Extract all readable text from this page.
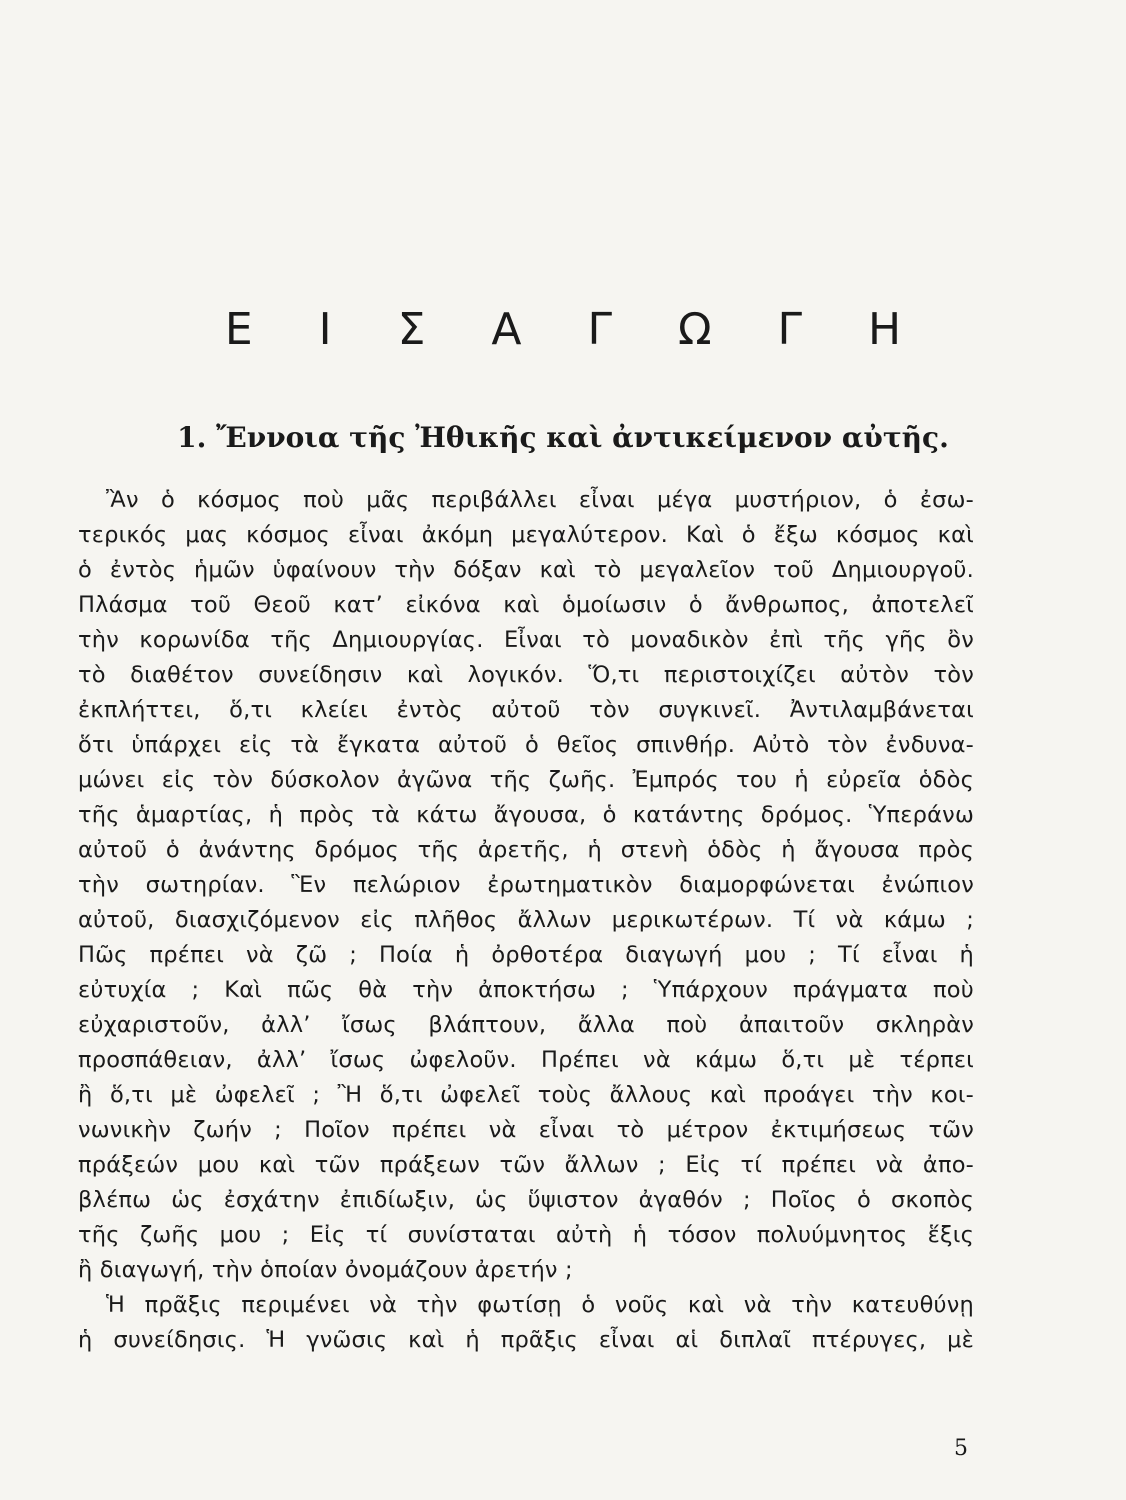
Ε Ι Σ Α Γ Ω Γ Η
1. Ἔννοια τῆς Ἠθικῆς καὶ ἀντικείμενον αὐτῆς.
Ἂν ὁ κόσμος ποὺ μᾶς περιβάλλει εἶναι μέγα μυστήριον, ὁ ἐσω-
τερικός μας κόσμος εἶναι ἀκόμη μεγαλύτερον. Καὶ ὁ ἔξω κόσμος καὶ
ὁ ἐντὸς ἡμῶν ὑφαίνουν τὴν δόξαν καὶ τὸ μεγαλεῖον τοῦ Δημιουργοῦ.
Πλάσμα τοῦ Θεοῦ κατ’ εἰκόνα καὶ ὁμοίωσιν ὁ ἄνθρωπος, ἀποτελεῖ
τὴν κορωνίδα τῆς Δημιουργίας. Εἶναι τὸ μοναδικὸν ἐπὶ τῆς γῆς ὂν
τὸ διαθέτον συνείδησιν καὶ λογικόν. Ὅ,τι περιστοιχίζει αὐτὸν τὸν
ἐκπλήττει, ὅ,τι κλείει ἐντὸς αὐτοῦ τὸν συγκινεῖ. Ἀντιλαμβάνεται
ὅτι ὑπάρχει εἰς τὰ ἔγκατα αὐτοῦ ὁ θεῖος σπινθήρ. Αὐτὸ τὸν ἐνδυνα-
μώνει εἰς τὸν δύσκολον ἀγῶνα τῆς ζωῆς. Ἐμπρός του ἡ εὐρεῖα ὁδὸς
τῆς ἁμαρτίας, ἡ πρὸς τὰ κάτω ἄγουσα, ὁ κατάντης δρόμος. Ὑπεράνω
αὐτοῦ ὁ ἀνάντης δρόμος τῆς ἀρετῆς, ἡ στενὴ ὁδὸς ἡ ἄγουσα πρὸς
τὴν σωτηρίαν. Ἓν πελώριον ἐρωτηματικὸν διαμορφώνεται ἐνώπιον
αὐτοῦ, διασχιζόμενον εἰς πλῆθος ἄλλων μερικωτέρων. Τί νὰ κάμω ;
Πῶς πρέπει νὰ ζῶ ; Ποία ἡ ὀρθοτέρα διαγωγή μου ; Τί εἶναι ἡ
εὐτυχία ; Καὶ πῶς θὰ τὴν ἀποκτήσω ; Ὑπάρχουν πράγματα ποὺ
εὐχαριστοῦν, ἀλλ’ ἴσως βλάπτουν, ἄλλα ποὺ ἀπαιτοῦν σκληρὰν
προσπάθειαν, ἀλλ’ ἴσως ὠφελοῦν. Πρέπει νὰ κάμω ὅ,τι μὲ τέρπει
ἢ ὅ,τι μὲ ὠφελεῖ ; Ἢ ὅ,τι ὠφελεῖ τοὺς ἄλλους καὶ προάγει τὴν κοι-
νωνικὴν ζωήν ; Ποῖον πρέπει νὰ εἶναι τὸ μέτρον ἐκτιμήσεως τῶν
πράξεών μου καὶ τῶν πράξεων τῶν ἄλλων ; Εἰς τί πρέπει νὰ ἀπο-
βλέπω ὡς ἐσχάτην ἐπιδίωξιν, ὡς ὕψιστον ἀγαθόν ; Ποῖος ὁ σκοπὸς
τῆς ζωῆς μου ; Εἰς τί συνίσταται αὐτὴ ἡ τόσον πολυύμνητος ἕξις
ἢ διαγωγή, τὴν ὁποίαν ὀνομάζουν ἀρετήν ;
Ἡ πρᾶξις περιμένει νὰ τὴν φωτίσῃ ὁ νοῦς καὶ νὰ τὴν κατευθύνῃ
ἡ συνείδησις. Ἡ γνῶσις καὶ ἡ πρᾶξις εἶναι αἱ διπλαῖ πτέρυγες, μὲ
5
